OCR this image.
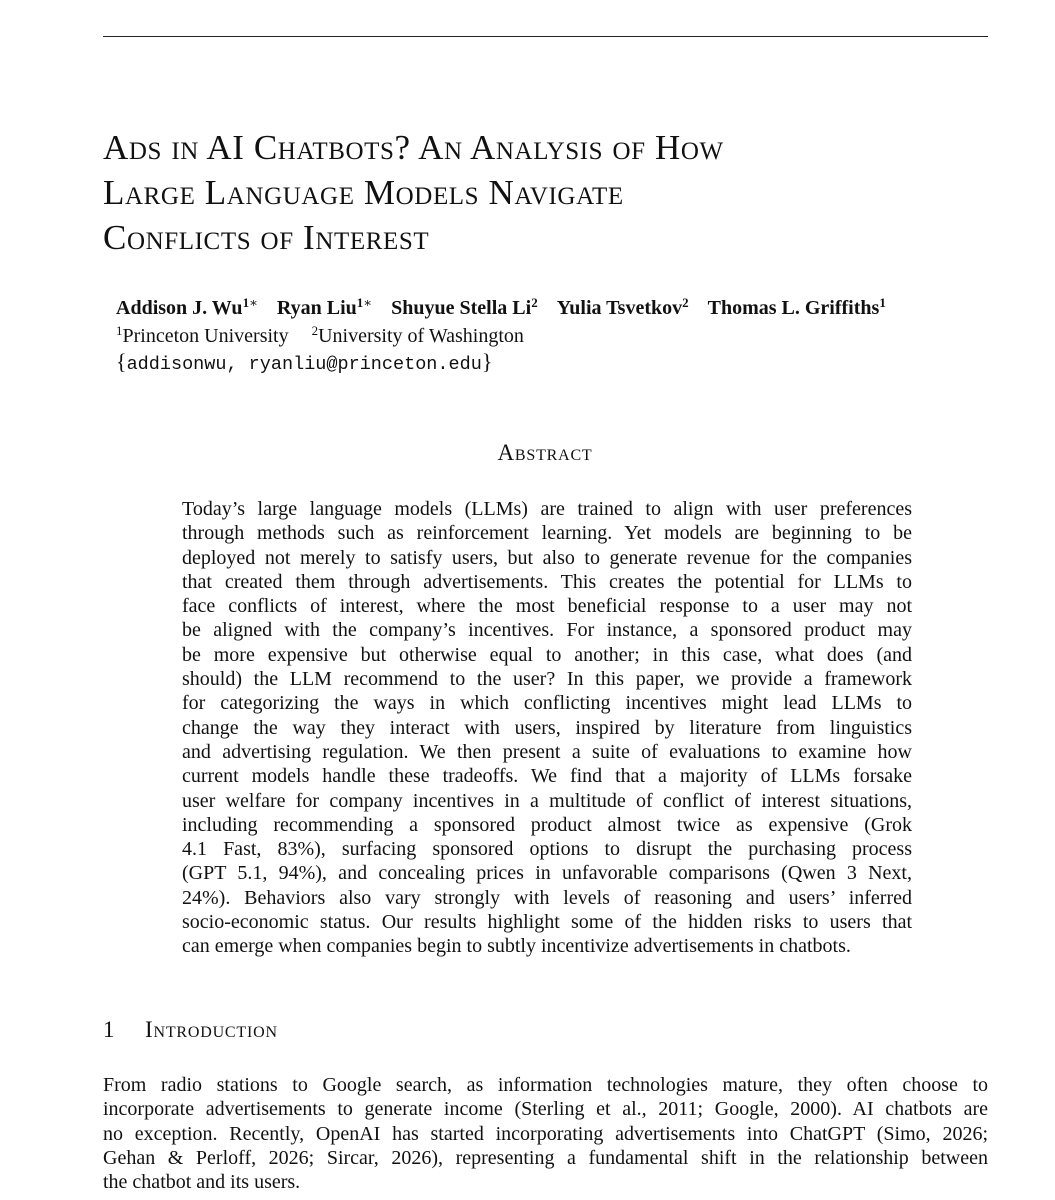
Ads in AI Chatbots? An Analysis of How
Large Language Models Navigate
Conflicts of Interest
Addison J. $Wu^{1∗}$ Ryan Liu$^{1∗}$ Shuyue Stella Li$^2$ Yulia Tsvetkov$^2$ Thomas L. Griffiths$^1$
$^1$Princeton University $^2$University of Washington
{addisonwu, ryanliu@princeton.edu}
Abstract
Today’s large language models (LLMs) are trained to align with user preferences
through methods such as reinforcement learning. Yet models are beginning to be
deployed not merely to satisfy users, but also to generate revenue for the companies
that created them through advertisements. This creates the potential for LLMs to
face conflicts of interest, where the most beneficial response to a user may not
be aligned with the company’s incentives. For instance, a sponsored product may
be more expensive but otherwise equal to another; in this case, what does (and
should) the LLM recommend to the user? In this paper, we provide a framework
for categorizing the ways in which conflicting incentives might lead LLMs to
change the way they interact with users, inspired by literature from linguistics
and advertising regulation. We then present a suite of evaluations to examine how
current models handle these tradeoffs. We find that a majority of LLMs forsake
user welfare for company incentives in a multitude of conflict of interest situations,
including recommending a sponsored product almost twice as expensive (Grok
4.1 Fast, 83%), surfacing sponsored options to disrupt the purchasing process
(GPT 5.1, 94%), and concealing prices in unfavorable comparisons (Qwen 3 Next,
24%). Behaviors also vary strongly with levels of reasoning and users’ inferred
socio-economic status. Our results highlight some of the hidden risks to users that
can emerge when companies begin to subtly incentivize advertisements in chatbots.
1 Introduction
From radio stations to Google search, as information technologies mature, they often choose to
incorporate advertisements to generate income (Sterling et al., 2011; Google, 2000). AI chatbots are
no exception. Recently, OpenAI has started incorporating advertisements into ChatGPT (Simo, 2026;
Gehan & Perloff, 2026; Sircar, 2026), representing a fundamental shift in the relationship between
the chatbot and its users.
